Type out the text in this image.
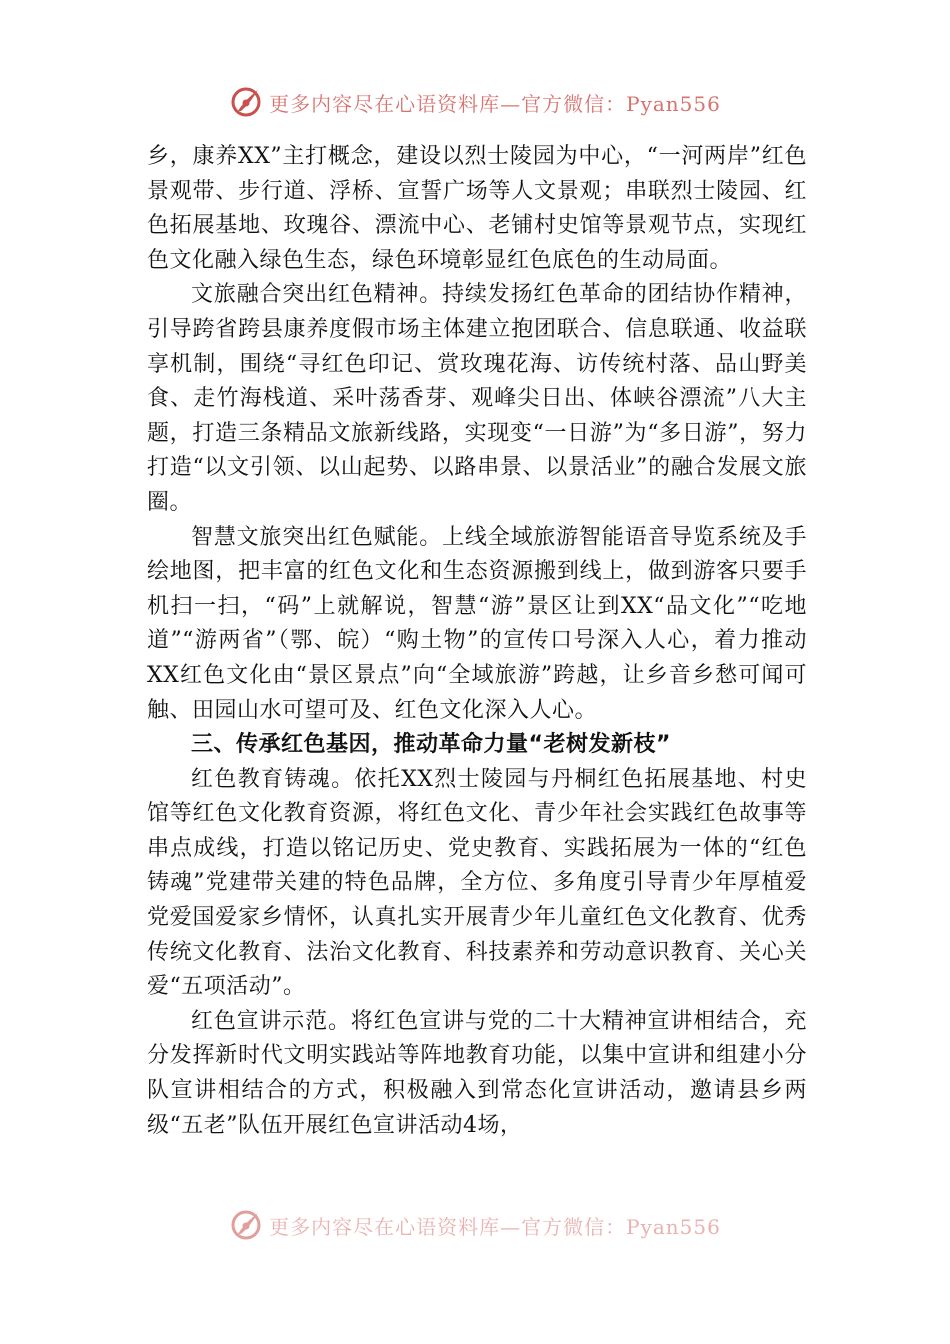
更多内容尽在心语资料库—官方微信：Pyan556

乡，康养XX”主打概念，建设以烈士陵园为中心，“一河两岸”红色景观带、步行道、浮桥、宣誓广场等人文景观；串联烈士陵园、红色拓展基地、玫瑰谷、漂流中心、老铺村史馆等景观节点，实现红色文化融入绿色生态，绿色环境彰显红色底色的生动局面。

文旅融合突出红色精神。持续发扬红色革命的团结协作精神，引导跨省跨县康养度假市场主体建立抱团联合、信息联通、收益联享机制，围绕“寻红色印记、赏玫瑰花海、访传统村落、品山野美食、走竹海栈道、采叶荡香芽、观峰尖日出、体峡谷漂流”八大主题，打造三条精品文旅新线路，实现变“一日游”为“多日游”，努力打造“以文引领、以山起势、以路串景、以景活业”的融合发展文旅圈。

智慧文旅突出红色赋能。上线全域旅游智能语音导览系统及手绘地图，把丰富的红色文化和生态资源搬到线上，做到游客只要手机扫一扫，“码”上就解说，智慧“游”景区让到XX“品文化”“吃地道”“游两省”（鄂、皖）“购土物”的宣传口号深入人心，着力推动XX红色文化由“景区景点”向“全域旅游”跨越，让乡音乡愁可闻可触、田园山水可望可及、红色文化深入人心。

三、传承红色基因，推动革命力量“老树发新枝”

红色教育铸魂。依托XX烈士陵园与丹桐红色拓展基地、村史馆等红色文化教育资源，将红色文化、青少年社会实践红色故事等串点成线，打造以铭记历史、党史教育、实践拓展为一体的“红色铸魂”党建带关建的特色品牌，全方位、多角度引导青少年厚植爱党爱国爱家乡情怀，认真扎实开展青少年儿童红色文化教育、优秀传统文化教育、法治文化教育、科技素养和劳动意识教育、关心关爱“五项活动”。

红色宣讲示范。将红色宣讲与党的二十大精神宣讲相结合，充分发挥新时代文明实践站等阵地教育功能，以集中宣讲和组建小分队宣讲相结合的方式，积极融入到常态化宣讲活动，邀请县乡两级“五老”队伍开展红色宣讲活动4场，

更多内容尽在心语资料库—官方微信：Pyan556
